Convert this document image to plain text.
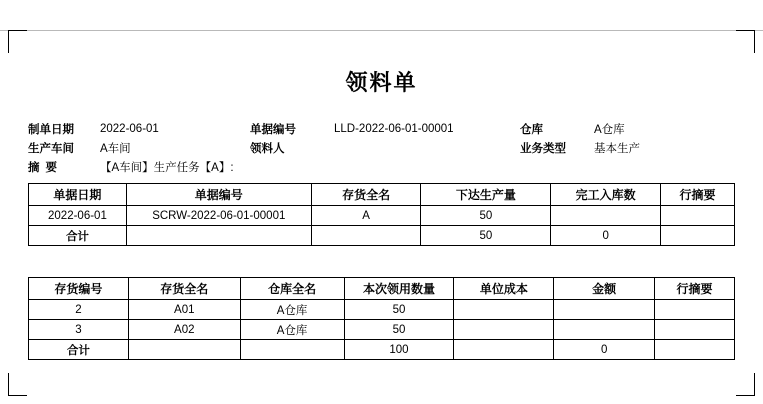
领料单
制单日期	2022-06-01	单据编号	LLD-2022-06-01-00001	仓库	A仓库
生产车间	A车间	领料人	业务类型	基本生产
摘要	【A车间】生产任务【A】:
单据日期	单据编号	存货全名	下达生产量	完工入库数	行摘要
2022-06-01	SCRW-2022-06-01-00001	A	50		
合计			50	0	
存货编号	存货全名	仓库全名	本次领用数量	单位成本	金额	行摘要
2	A01	A仓库	50			
3	A02	A仓库	50			
合计			100		0	
